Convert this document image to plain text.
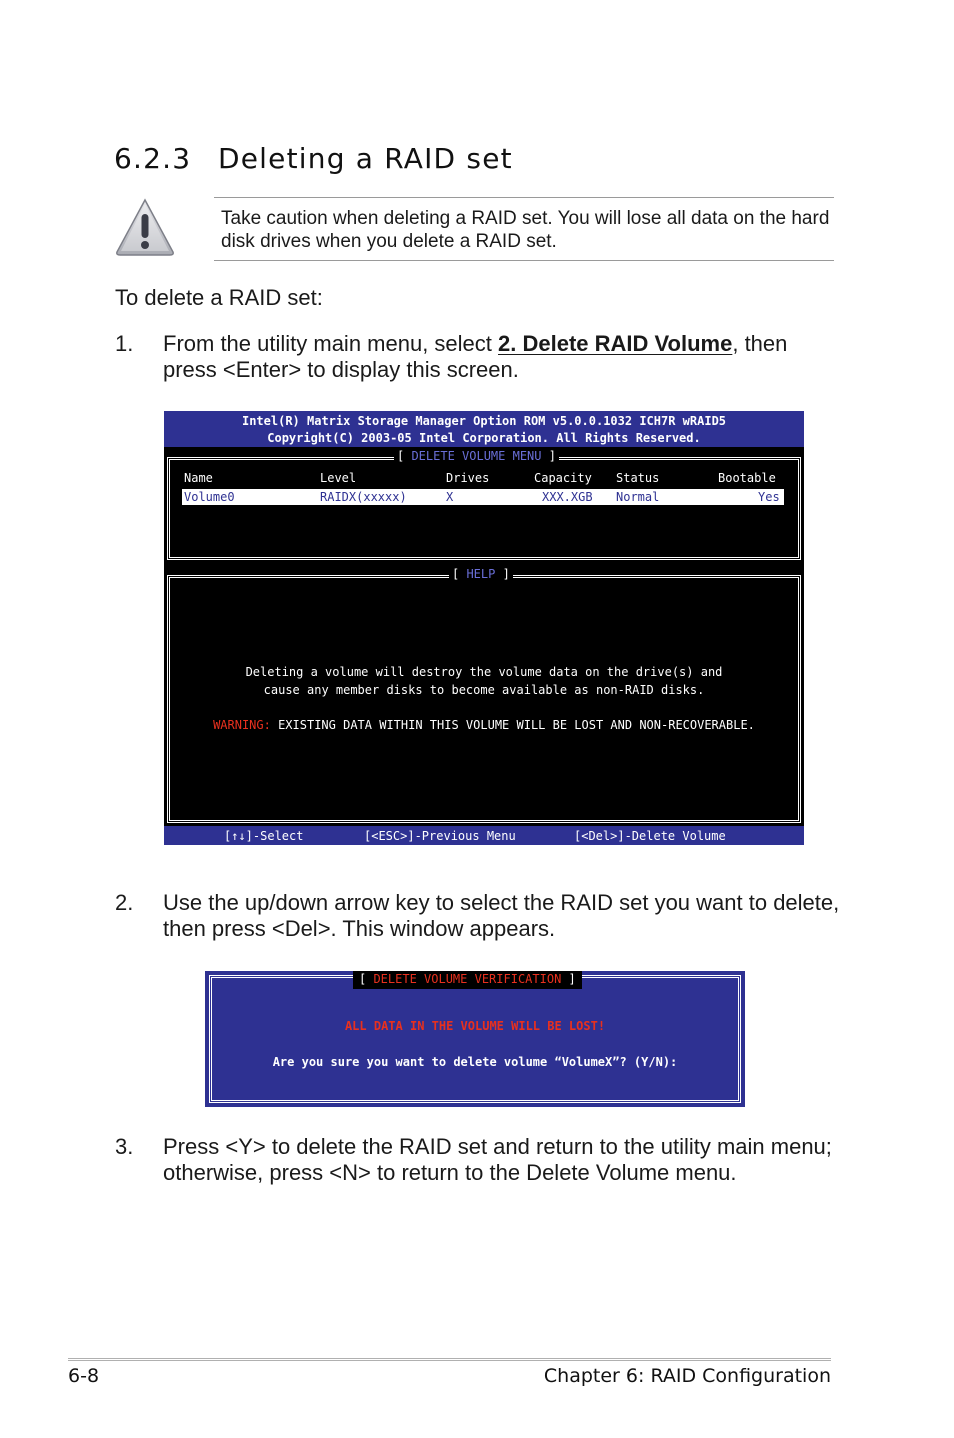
6.2.3 Deleting a RAID set
Take caution when deleting a RAID set. You will lose all data on the hard disk drives when you delete a RAID set.
To delete a RAID set:
1. From the utility main menu, select 2. Delete RAID Volume, then press <Enter> to display this screen.
Intel(R) Matrix Storage Manager Option ROM v5.0.0.1032 ICH7R wRAID5
Copyright(C) 2003-05 Intel Corporation. All Rights Reserved.
[ DELETE VOLUME MENU ]
Name	Level	Drives	Capacity Status	Bootable
Volume0	RAIDX(xxxxx)	X	XXX.XGB Normal	Yes
[ HELP ]
Deleting a volume will destroy the volume data on the drive(s) and
cause any member disks to become available as non-RAID disks.
WARNING: EXISTING DATA WITHIN THIS VOLUME WILL BE LOST AND NON-RECOVERABLE.
[↑↓]-Select	[<ESC>]-Previous Menu	[<Del>]-Delete Volume
2. Use the up/down arrow key to select the RAID set you want to delete, then press <Del>. This window appears.
[ DELETE VOLUME VERIFICATION ]
ALL DATA IN THE VOLUME WILL BE LOST!
Are you sure you want to delete volume “VolumeX”? (Y/N):
3. Press <Y> to delete the RAID set and return to the utility main menu; otherwise, press <N> to return to the Delete Volume menu.
6-8	Chapter 6: RAID Configuration
